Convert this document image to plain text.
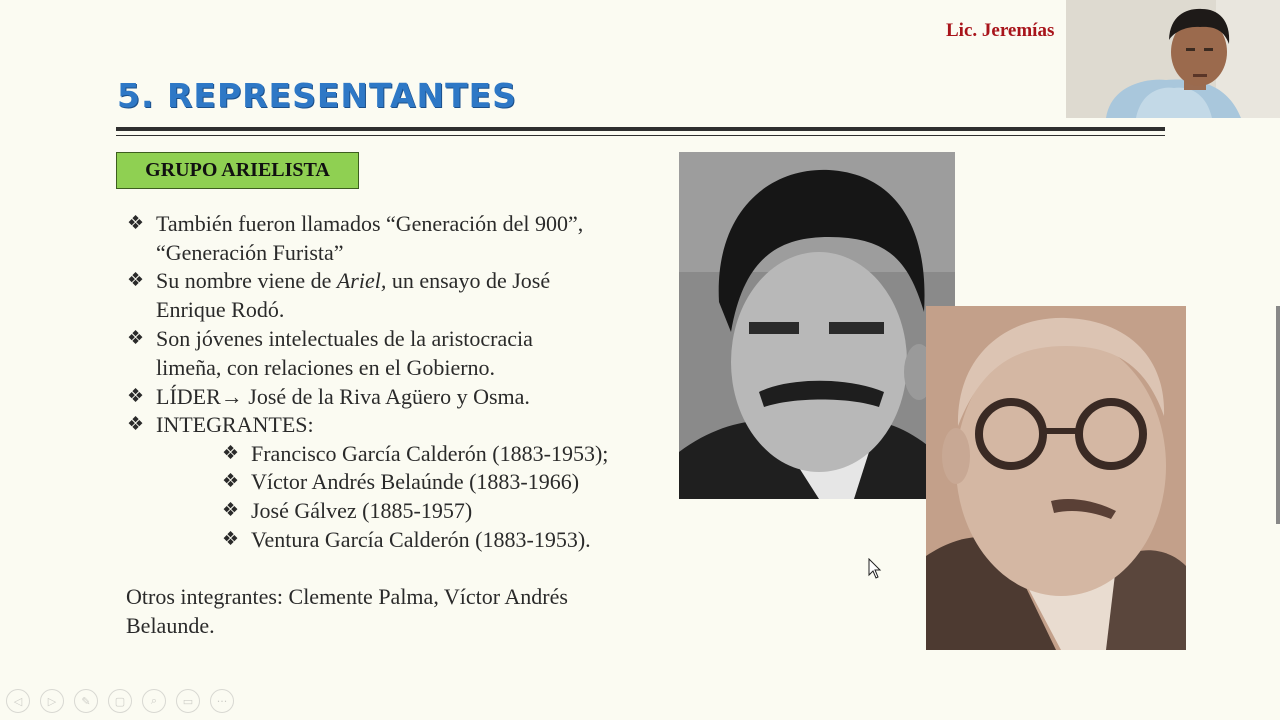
Lic. Jeremías
5. REPRESENTANTES
GRUPO ARIELISTA
❖ También fueron llamados “Generación del 900”,
“Generación Furista”
❖ Su nombre viene de Ariel, un ensayo de José
Enrique Rodó.
❖ Son jóvenes intelectuales de la aristocracia
limeña, con relaciones en el Gobierno.
❖ LÍDER→ José de la Riva Agüero y Osma.
❖ INTEGRANTES:
❖ Francisco García Calderón (1883-1953);
❖ Víctor Andrés Belaúnde (1883-1966)
❖ José Gálvez (1885-1957)
❖ Ventura García Calderón (1883-1953).
Otros integrantes: Clemente Palma, Víctor Andrés
Belaunde.
◁	▷	✎	▢	⌕	▭	···
